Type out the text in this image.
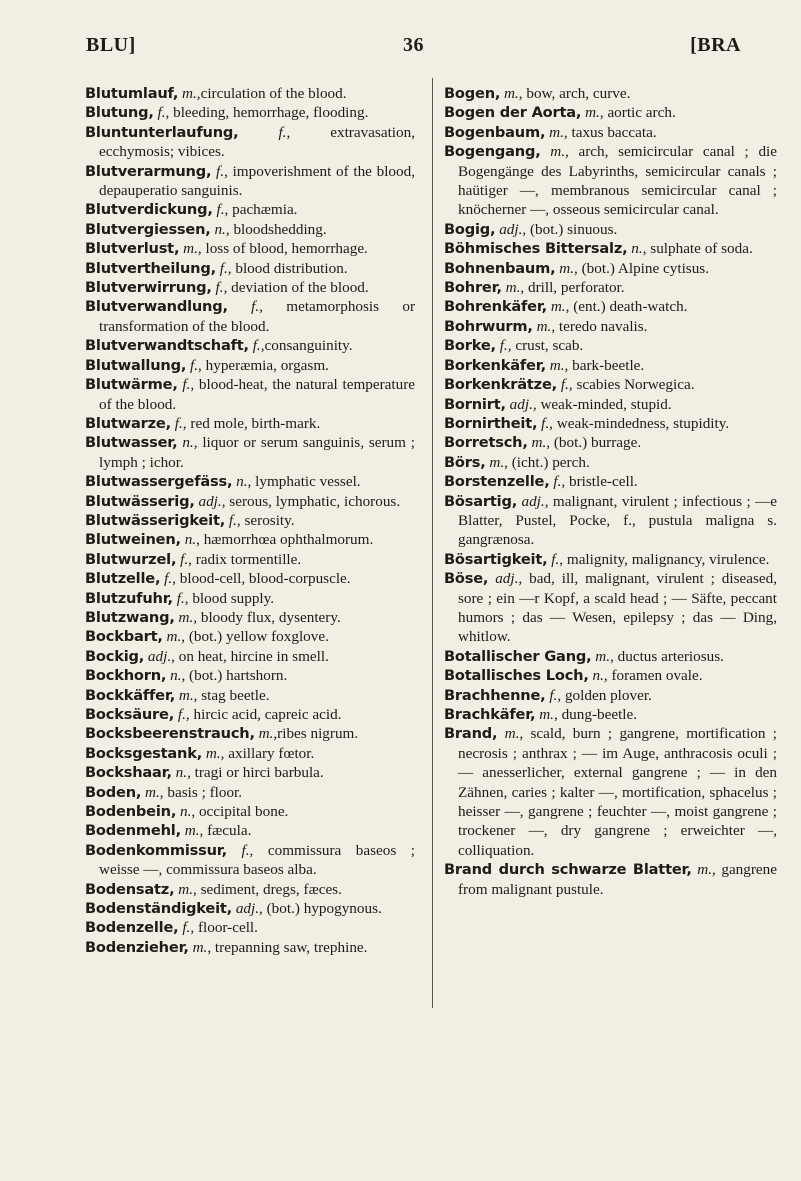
BLU]	36	[BRA

Blutumlauf, m.,circulation of the blood.

Blutung, f., bleeding, hemorrhage, flooding.

Bluntunterlaufung,	f., extravasation, ecchymosis; vibices.

Blutverarmung, f., impoverishment of the blood, depauperatio sanguinis.

Blutverdickung, f., pachæmia.

Blutvergiessen, n., bloodshedding.

Blutverlust, m., loss of blood, hemorrhage.

Blutvertheilung, f., blood distribution.

Blutverwirrung, f., deviation of the blood.

Blutverwandlung, f., metamorphosis or transformation of the blood.

Blutverwandtschaft, f.,consanguinity.

Blutwallung, f., hyperæmia, orgasm.

Blutwärme, f., blood-heat, the natural temperature of the blood.

Blutwarze, f., red mole, birth-mark.

Blutwasser, n., liquor or serum sanguinis, serum ; lymph ; ichor.

Blutwassergefäss, n., lymphatic vessel.

Blutwässerig, adj., serous, lymphatic, ichorous.

Blutwässerigkeit, f., serosity.

Blutweinen, n., hæmorrhœa ophthalmorum.

Blutwurzel, f., radix tormentille.

Blutzelle, f., blood-cell, blood-corpuscle.

Blutzufuhr, f., blood supply.

Blutzwang, m., bloody flux, dysentery.

Bockbart, m., (bot.) yellow foxglove.

Bockig, adj., on heat, hircine in smell.

Bockhorn, n., (bot.) hartshorn.

Bockkäffer, m., stag beetle.

Bocksäure, f., hircic acid, capreic acid.

Bocksbeerenstrauch, m.,ribes nigrum.

Bocksgestank, m., axillary fœtor.

Bockshaar, n., tragi or hirci barbula.

Boden, m., basis ; floor.

Bodenbein, n., occipital bone.

Bodenmehl, m., fæcula.

Bodenkommissur, f., commissura baseos ; weisse —, commissura baseos alba.

Bodensatz, m., sediment, dregs, fæces.

Bodenständigkeit, adj., (bot.) hypogynous.

Bodenzelle, f., floor-cell.

Bodenzieher, m., trepanning saw, trephine.

Bogen, m., bow, arch, curve.

Bogen der Aorta, m., aortic arch.

Bogenbaum, m., taxus baccata.

Bogengang, m., arch, semicircular canal ; die Bogengänge des Labyrinths, semicircular canals ; haütiger —, membranous semicircular canal ; knöcherner —, osseous semicircular canal.

Bogig, adj., (bot.) sinuous.

Böhmisches Bittersalz, n., sulphate of soda.

Bohnenbaum, m., (bot.) Alpine cytisus.

Bohrer, m., drill, perforator.

Bohrenkäfer, m., (ent.) death-watch.

Bohrwurm, m., teredo navalis.

Borke, f., crust, scab.

Borkenkäfer, m., bark-beetle.

Borkenkrätze, f., scabies Norwegica.

Bornirt, adj., weak-minded, stupid.

Bornirtheit, f., weak-mindedness, stupidity.

Borretsch, m., (bot.) burrage.

Börs, m., (icht.) perch.

Borstenzelle, f., bristle-cell.

Bösartig, adj., malignant, virulent ; infectious ; —e Blatter, Pustel, Pocke, f., pustula maligna s. gangrænosa.

Bösartigkeit, f., malignity, malignancy, virulence.

Böse, adj., bad, ill, malignant, virulent ; diseased, sore ; ein —r Kopf, a scald head ; — Säfte, peccant humors ; das — Wesen, epilepsy ; das — Ding, whitlow.

Botallischer Gang, m., ductus arteriosus.

Botallisches Loch, n., foramen ovale.

Brachhenne, f., golden plover.

Brachkäfer, m., dung-beetle.

Brand, m., scald, burn ; gangrene, mortification ; necrosis ; anthrax ; — im Auge, anthracosis oculi ; — anesserlicher, external gangrene ; — in den Zähnen, caries ; kalter —, mortification, sphacelus ; heisser —, gangrene ; feuchter —, moist gangrene ; trockener —, dry gangrene ; erweichter —, colliquation.

Brand durch schwarze Blatter, m., gangrene from malignant pustule.
